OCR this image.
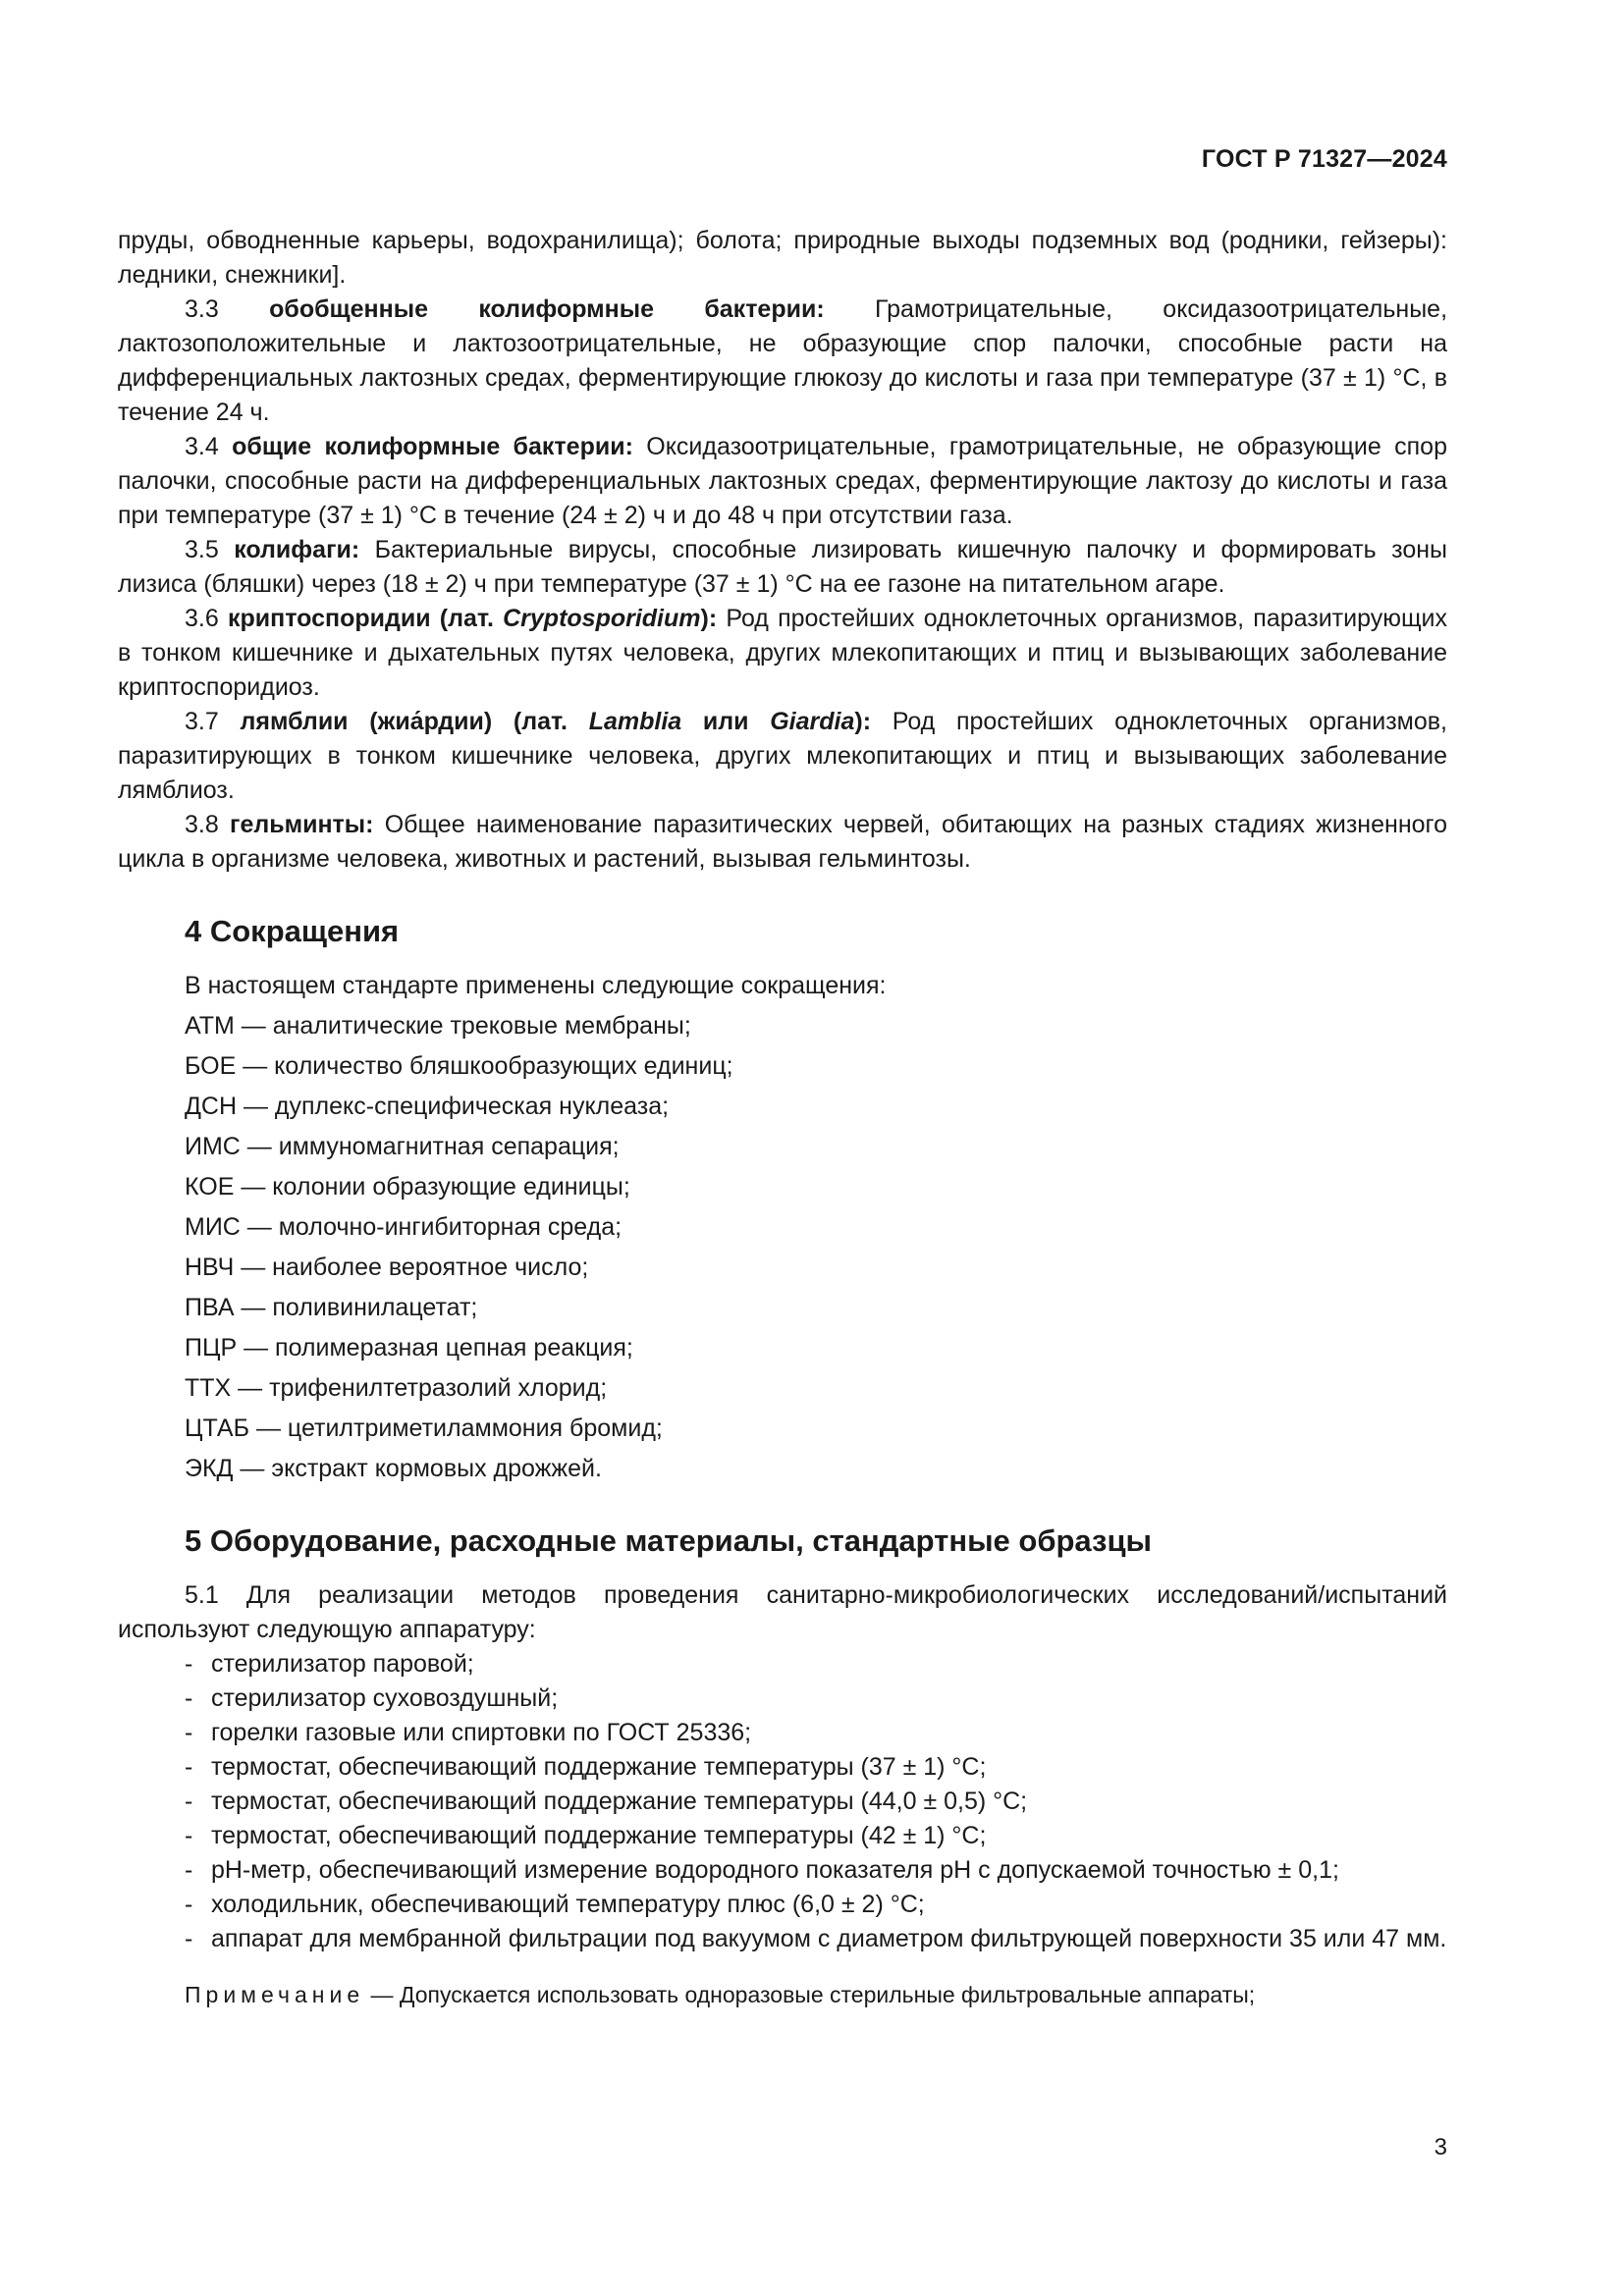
ГОСТ Р 71327—2024

пруды, обводненные карьеры, водохранилища); болота; природные выходы подземных вод (родники, гейзеры): ледники, снежники].

3.3 обобщенные колиформные бактерии: Грамотрицательные, оксидазоотрицательные, лактозоположительные и лактозоотрицательные, не образующие спор палочки, способные расти на дифференциальных лактозных средах, ферментирующие глюкозу до кислоты и газа при температуре (37 ± 1) °C, в течение 24 ч.

3.4 общие колиформные бактерии: Оксидазоотрицательные, грамотрицательные, не образующие спор палочки, способные расти на дифференциальных лактозных средах, ферментирующие лактозу до кислоты и газа при температуре (37 ± 1) °C в течение (24 ± 2) ч и до 48 ч при отсутствии газа.

3.5 колифаги: Бактериальные вирусы, способные лизировать кишечную палочку и формировать зоны лизиса (бляшки) через (18 ± 2) ч при температуре (37 ± 1) °C на ее газоне на питательном агаре.

3.6 криптоспоридии (лат. Cryptosporidium): Род простейших одноклеточных организмов, паразитирующих в тонком кишечнике и дыхательных путях человека, других млекопитающих и птиц и вызывающих заболевание криптоспоридиоз.

3.7 лямблии (жиа́рдии) (лат. Lamblia или Giardia): Род простейших одноклеточных организмов, паразитирующих в тонком кишечнике человека, других млекопитающих и птиц и вызывающих заболевание лямблиоз.

3.8 гельминты: Общее наименование паразитических червей, обитающих на разных стадиях жизненного цикла в организме человека, животных и растений, вызывая гельминтозы.

4 Сокращения

В настоящем стандарте применены следующие сокращения:

АТМ — аналитические трековые мембраны;
БОЕ — количество бляшкообразующих единиц;
ДСН — дуплекс-специфическая нуклеаза;
ИМС — иммуномагнитная сепарация;
КОЕ — колонии образующие единицы;
МИС — молочно-ингибиторная среда;
НВЧ — наиболее вероятное число;
ПВА — поливинилацетат;
ПЦР — полимеразная цепная реакция;
ТТХ — трифенилтетразолий хлорид;
ЦТАБ — цетилтриметиламмония бромид;
ЭКД — экстракт кормовых дрожжей.
5 Оборудование, расходные материалы, стандартные образцы

5.1 Для реализации методов проведения санитарно-микробиологических исследований/испытаний используют следующую аппаратуру:

- стерилизатор паровой;

- стерилизатор суховоздушный;

- горелки газовые или спиртовки по ГОСТ 25336;

- термостат, обеспечивающий поддержание температуры (37 ± 1) °C;

- термостат, обеспечивающий поддержание температуры (44,0 ± 0,5) °C;

- термостат, обеспечивающий поддержание температуры (42 ± 1) °C;

- pH-метр, обеспечивающий измерение водородного показателя pH с допускаемой точностью ± 0,1;

- холодильник, обеспечивающий температуру плюс (6,0 ± 2) °C;

- аппарат для мембранной фильтрации под вакуумом с диаметром фильтрующей поверхности 35 или 47 мм.

Примечание — Допускается использовать одноразовые стерильные фильтровальные аппараты;

3
